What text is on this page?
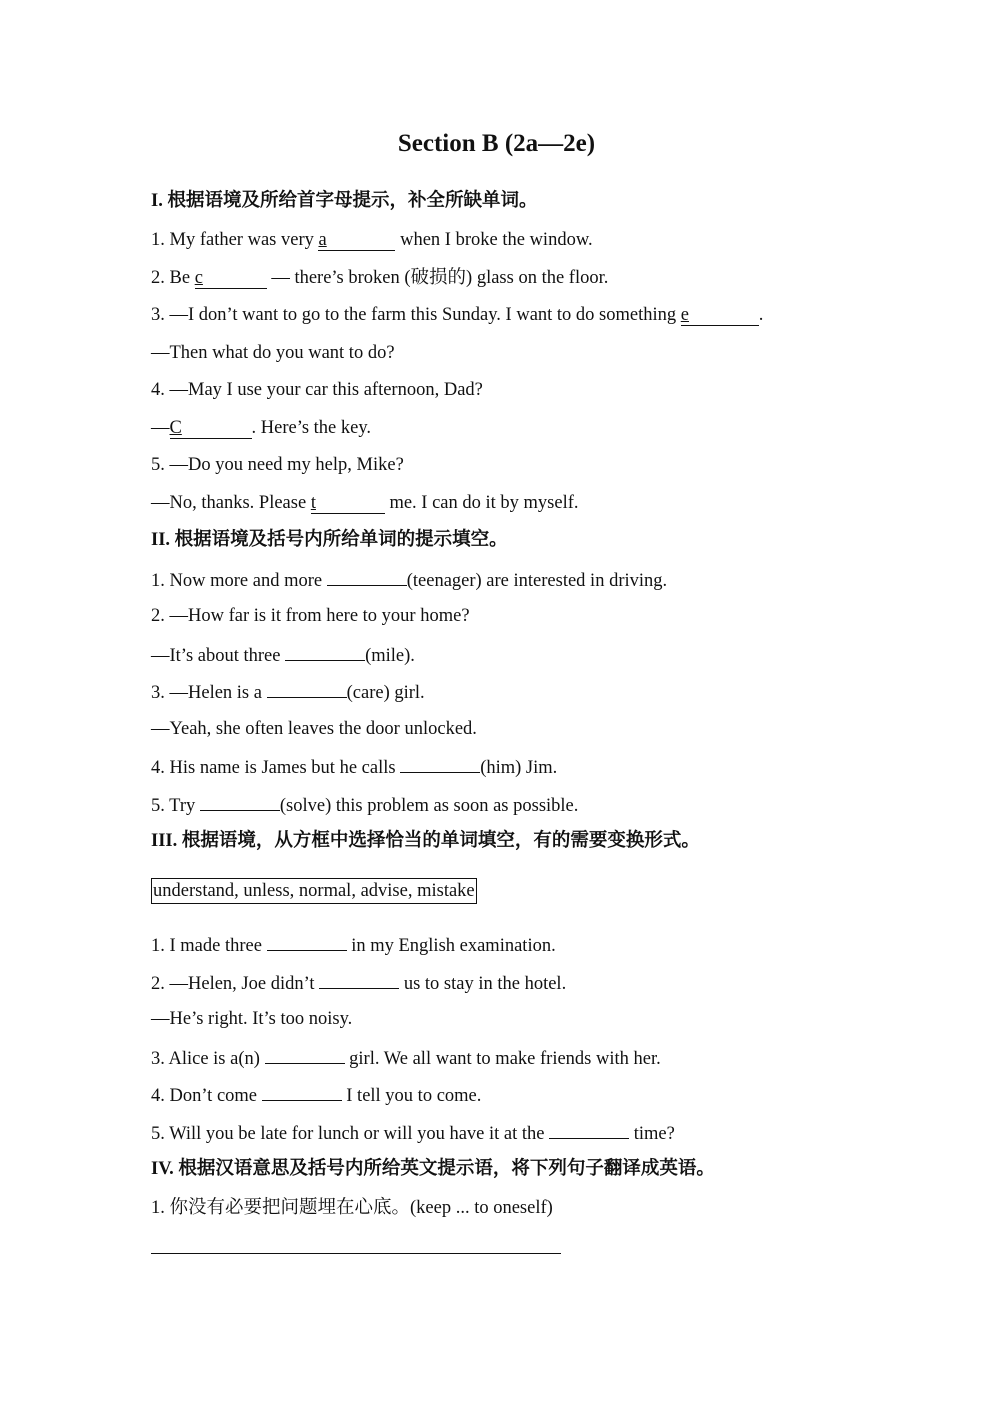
Section B (2a—2e)
I. 根据语境及所给首字母提示，补全所缺单词。
1. My father was very a	when I broke the window.
2. Be c	— there’s broken (破损的) glass on the floor.
3. —I don’t want to go to the farm this Sunday. I want to do something e	.
—Then what do you want to do?
4. —May I use your car this afternoon, Dad?
—C	. Here’s the key.
5. —Do you need my help, Mike?
—No, thanks. Please t	me. I can do it by myself.
II. 根据语境及括号内所给单词的提示填空。
1. Now more and more	(teenager) are interested in driving.
2. —How far is it from here to your home?
—It’s about three	(mile).
3. —Helen is a	(care) girl.
—Yeah, she often leaves the door unlocked.
4. His name is James but he calls	(him) Jim.
5. Try	(solve) this problem as soon as possible.
III. 根据语境，从方框中选择恰当的单词填空，有的需要变换形式。
understand, unless, normal, advise, mistake
1. I made three	in my English examination.
2. —Helen, Joe didn’t	us to stay in the hotel.
—He’s right. It’s too noisy.
3. Alice is a(n)	girl. We all want to make friends with her.
4. Don’t come	I tell you to come.
5. Will you be late for lunch or will you have it at the	time?
IV. 根据汉语意思及括号内所给英文提示语，将下列句子翻译成英语。
1. 你没有必要把问题埋在心底。(keep ... to oneself)
